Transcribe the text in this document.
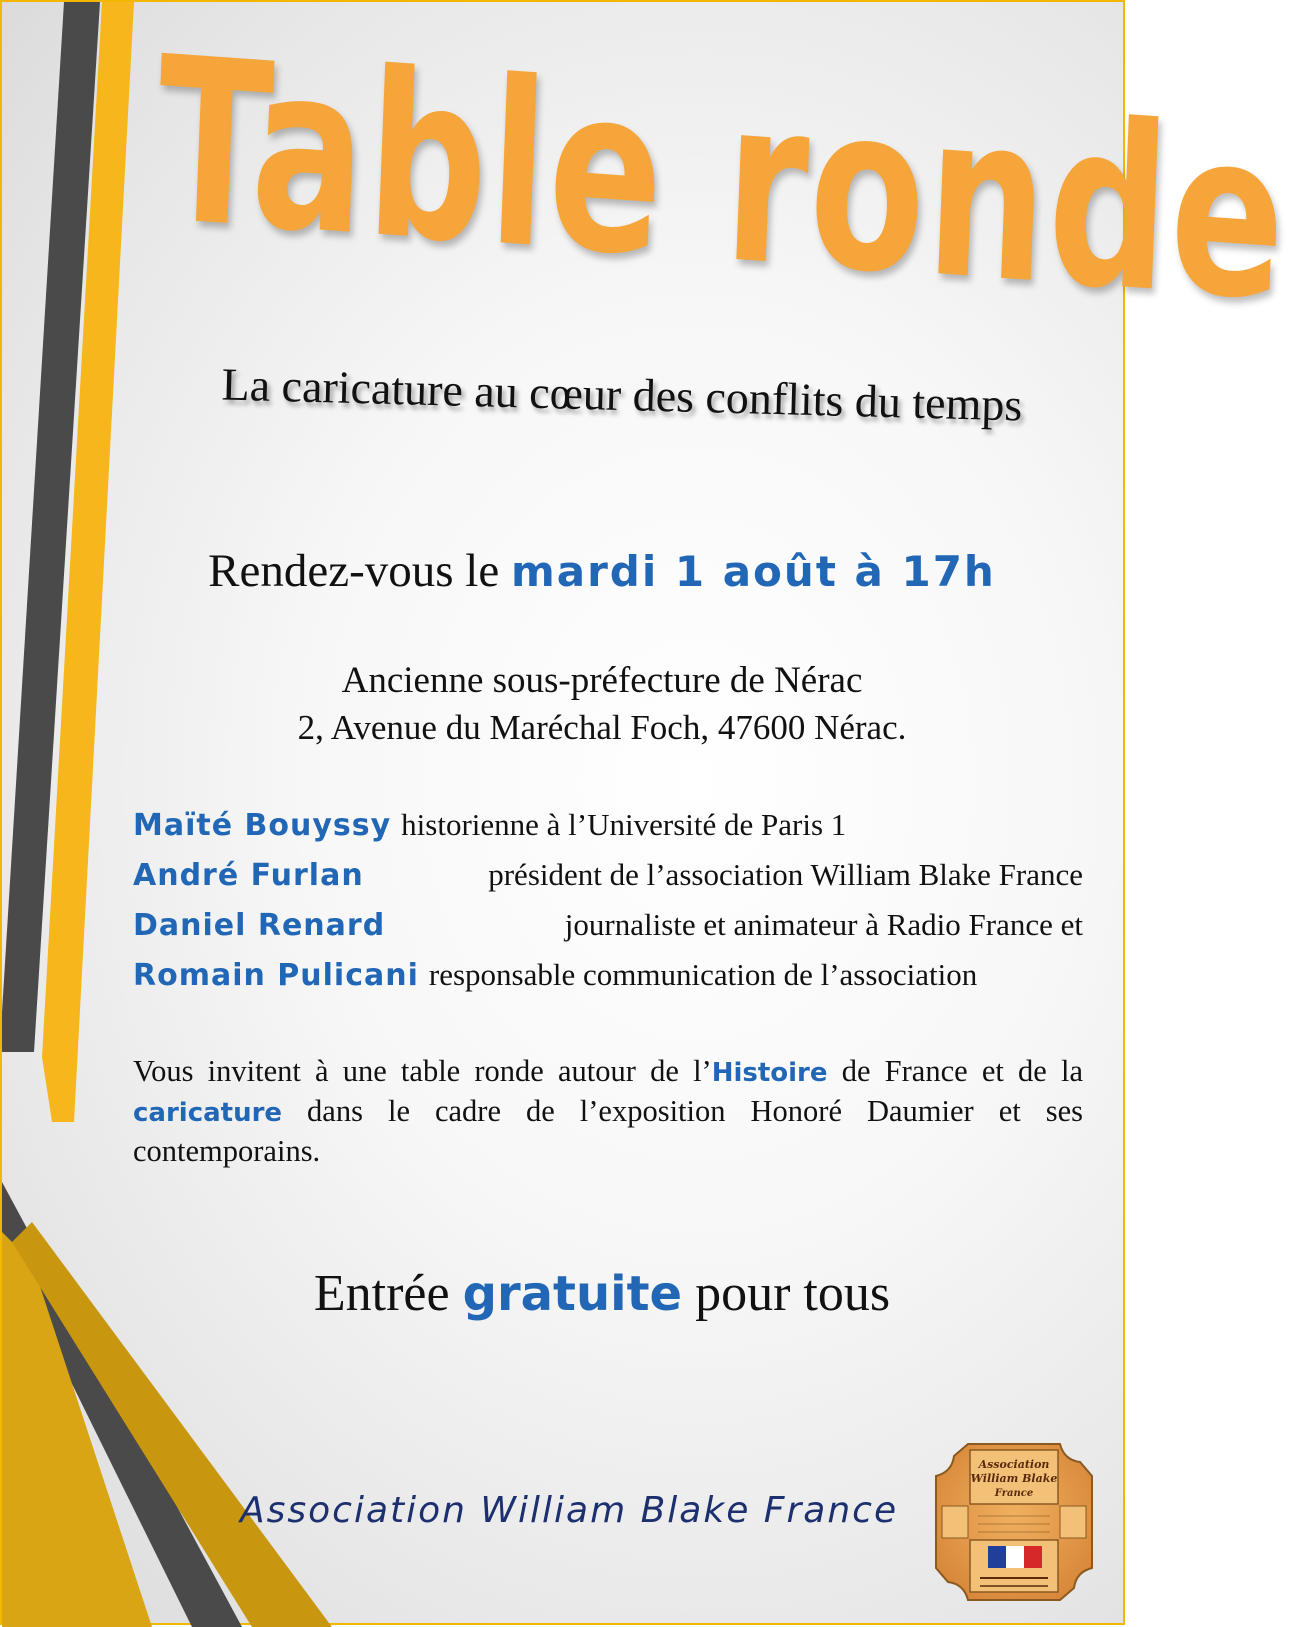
Table ronde
La caricature au cœur des conflits du temps
Rendez-vous le mardi 1 août à 17h
Ancienne sous-préfecture de Nérac
2, Avenue du Maréchal Foch, 47600 Nérac.
Maïté Bouyssy historienne à l’Université de Paris 1
André Furlan	président de l’association William Blake France
Daniel Renard	journaliste et animateur à Radio France et
Romain Pulicani responsable communication de l’association
Vous invitent à une table ronde autour de l’Histoire de France et de la caricature dans le cadre de l’exposition Honoré Daumier et ses contemporains.
Entrée gratuite pour tous
Association William Blake France
Association
William Blake
France
